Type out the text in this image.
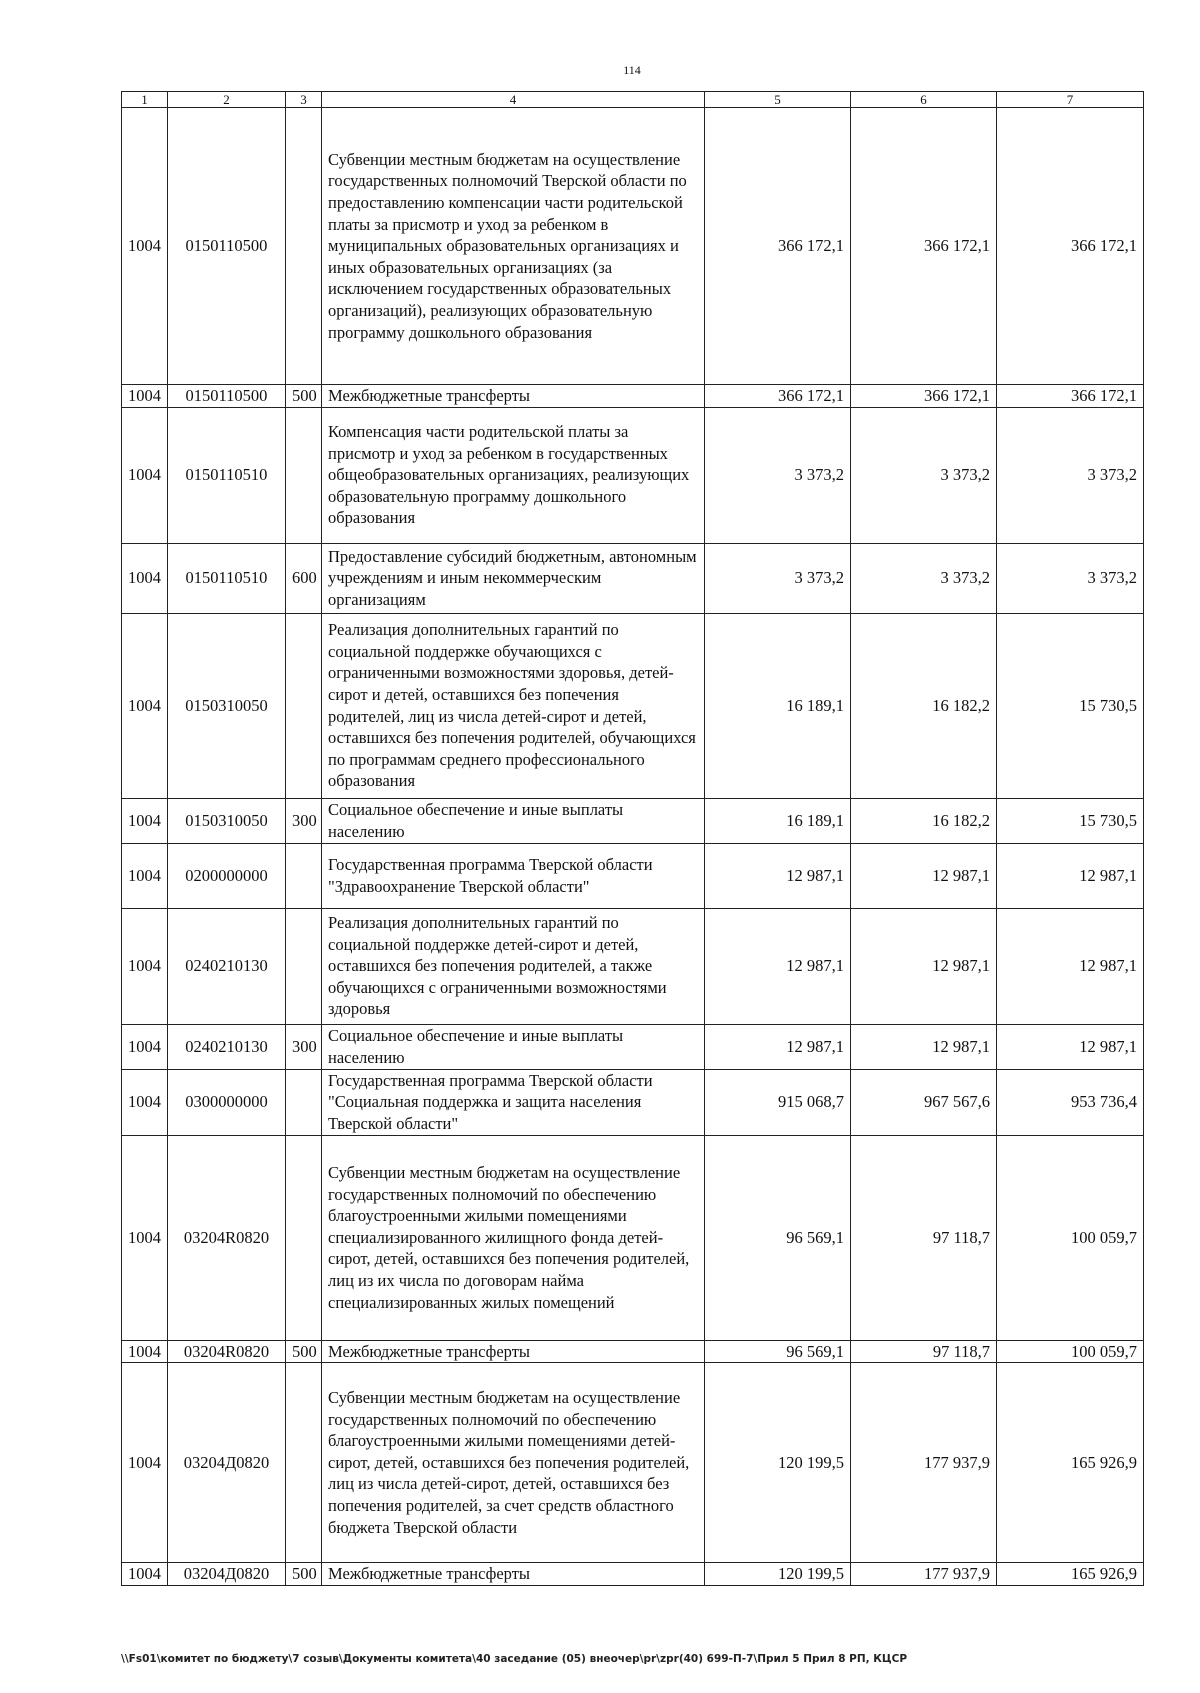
114
1	2	3	4	5	6	7
1004	0150110500		Субвенции местным бюджетам на осуществление государственных полномочий Тверской области по предоставлению компенсации части родительской платы за присмотр и уход за ребенком в муниципальных образовательных организациях и иных образовательных организациях (за исключением государственных образовательных организаций), реализующих образовательную программу дошкольного образования	366 172,1	366 172,1	366 172,1
1004	0150110500	500	Межбюджетные трансферты	366 172,1	366 172,1	366 172,1
1004	0150110510		Компенсация части родительской платы за присмотр и уход за ребенком в государственных общеобразовательных организациях, реализующих образовательную программу дошкольного образования	3 373,2	3 373,2	3 373,2
1004	0150110510	600	Предоставление субсидий бюджетным, автономным учреждениям и иным некоммерческим организациям	3 373,2	3 373,2	3 373,2
1004	0150310050		Реализация дополнительных гарантий по социальной поддержке обучающихся с ограниченными возможностями здоровья, детей-сирот и детей, оставшихся без попечения родителей, лиц из числа детей-сирот и детей, оставшихся без попечения родителей, обучающихся по программам среднего профессионального образования	16 189,1	16 182,2	15 730,5
1004	0150310050	300	Социальное обеспечение и иные выплаты населению	16 189,1	16 182,2	15 730,5
1004	0200000000		Государственная программа Тверской области "Здравоохранение Тверской области"	12 987,1	12 987,1	12 987,1
1004	0240210130		Реализация дополнительных гарантий по социальной поддержке детей-сирот и детей, оставшихся без попечения родителей, а также обучающихся с ограниченными возможностями здоровья	12 987,1	12 987,1	12 987,1
1004	0240210130	300	Социальное обеспечение и иные выплаты населению	12 987,1	12 987,1	12 987,1
1004	0300000000		Государственная программа Тверской области "Социальная поддержка и защита населения Тверской области"	915 068,7	967 567,6	953 736,4
1004	03204R0820		Субвенции местным бюджетам на осуществление государственных полномочий по обеспечению благоустроенными жилыми помещениями специализированного жилищного фонда детей-сирот, детей, оставшихся без попечения родителей, лиц из их числа по договорам найма специализированных жилых помещений	96 569,1	97 118,7	100 059,7
1004	03204R0820	500	Межбюджетные трансферты	96 569,1	97 118,7	100 059,7
1004	03204Д0820		Субвенции местным бюджетам на осуществление государственных полномочий по обеспечению благоустроенными жилыми помещениями детей-сирот, детей, оставшихся без попечения родителей, лиц из числа детей-сирот, детей, оставшихся без попечения родителей, за счет средств областного бюджета Тверской области	120 199,5	177 937,9	165 926,9
1004	03204Д0820	500	Межбюджетные трансферты	120 199,5	177 937,9	165 926,9
\\Fs01\комитет по бюджету\7 созыв\Документы комитета\40 заседание (05) внеочер\pr\zpr(40) 699-П-7\Прил 5 Прил 8 РП, КЦСР
